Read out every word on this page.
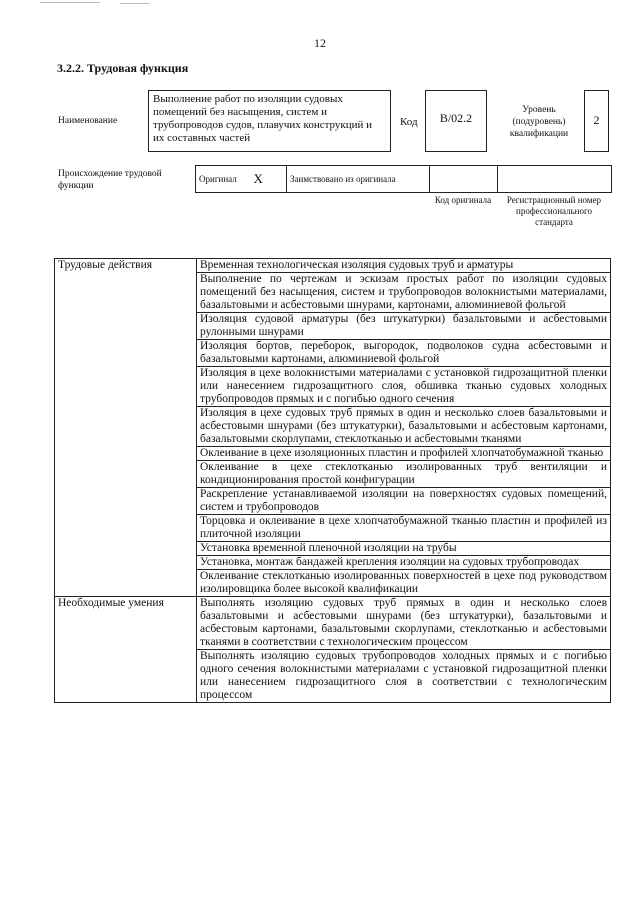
12
3.2.2. Трудовая функция
Наименование
Выполнение работ по изоляции судовых помещений без насыщения, систем и трубопроводов судов, плавучих конструкций и их составных частей
Код	B/02.2
Уровень (подуровень) квалификации
2
Происхождение трудовой функции
Оригинал	X	Заимствовано из оригинала		
Код оригинала	Регистрационный номер профессионального стандарта
Трудовые действия	Временная технологическая изоляция судовых труб и арматуры
	Выполнение по чертежам и эскизам простых работ по изоляции судовых помещений без насыщения, систем и трубопроводов волокнистыми материалами, базальтовыми и асбестовыми шнурами, картонами, алюминиевой фольгой
	Изоляция судовой арматуры (без штукатурки) базальтовыми и асбестовыми рулонными шнурами
	Изоляция бортов, переборок, выгородок, подволоков судна асбестовыми и базальтовыми картонами, алюминиевой фольгой
	Изоляция в цехе волокнистыми материалами с установкой гидрозащитной пленки или нанесением гидрозащитного слоя, обшивка тканью судовых холодных трубопроводов прямых и с погибью одного сечения
	Изоляция в цехе судовых труб прямых в один и несколько слоев базальтовыми и асбестовыми шнурами (без штукатурки), базальтовыми и асбестовым картонами, базальтовыми скорлупами, стеклотканью и асбестовыми тканями
	Оклеивание в цехе изоляционных пластин и профилей хлопчатобумажной тканью
	Оклеивание в цехе стеклотканью изолированных труб вентиляции и кондиционирования простой конфигурации
	Раскрепление устанавливаемой изоляции на поверхностях судовых помещений, систем и трубопроводов
	Торцовка и оклеивание в цехе хлопчатобумажной тканью пластин и профилей из плиточной изоляции
	Установка временной пленочной изоляции на трубы
	Установка, монтаж бандажей крепления изоляции на судовых трубопроводах
	Оклеивание стеклотканью изолированных поверхностей в цехе под руководством изолировщика более высокой квалификации
Необходимые умения	Выполнять изоляцию судовых труб прямых в один и несколько слоев базальтовыми и асбестовыми шнурами (без штукатурки), базальтовыми и асбестовым картонами, базальтовыми скорлупами, стеклотканью и асбестовыми тканями в соответствии с технологическим процессом
	Выполнять изоляцию судовых трубопроводов холодных прямых и с погибью одного сечения волокнистыми материалами с установкой гидрозащитной пленки или нанесением гидрозащитного слоя в соответствии с технологическим процессом
